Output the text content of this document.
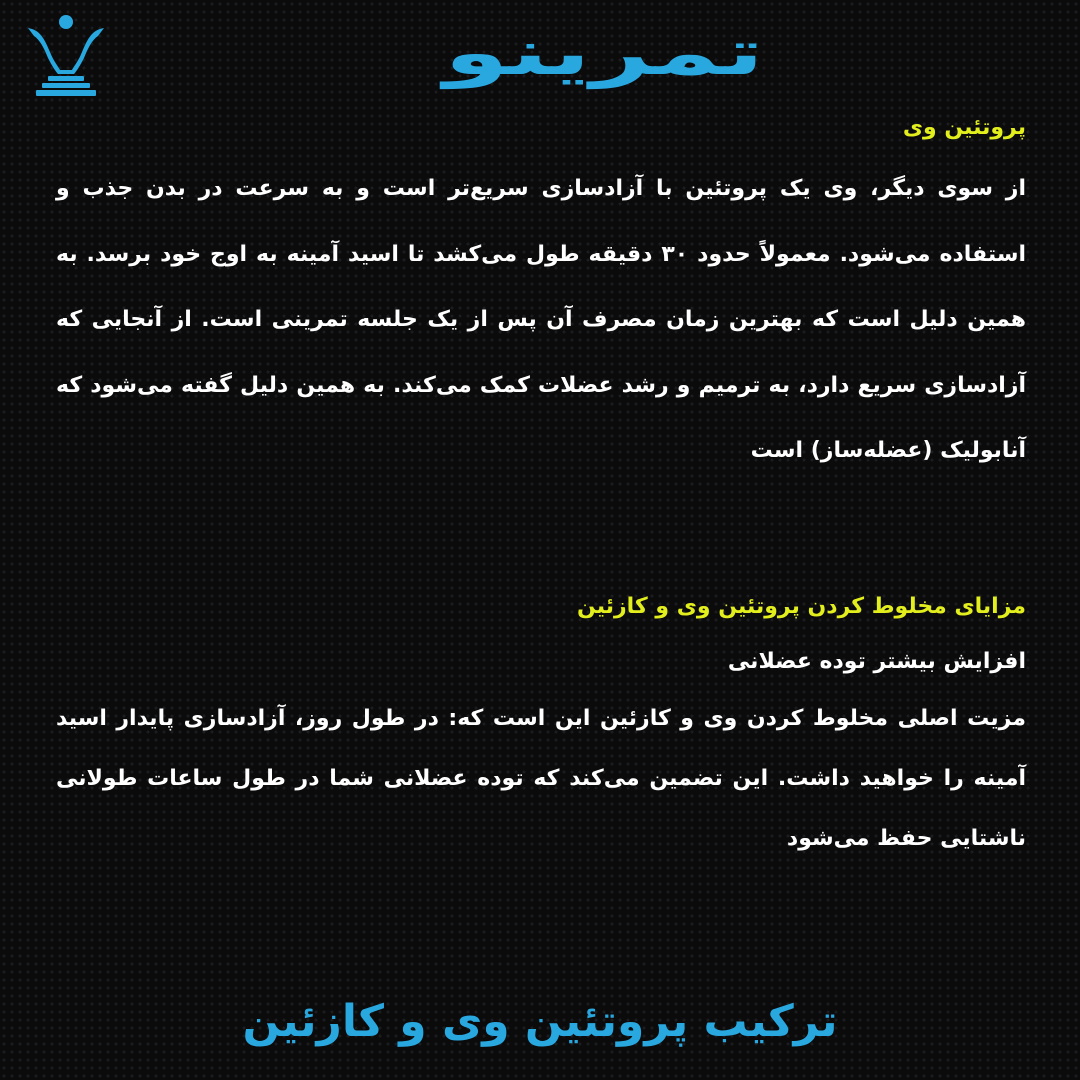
تمرینو
پروتئین وی

از سوی دیگر، وی یک پروتئین با آزادسازی سریع‌تر است و به سرعت در بدن جذب و استفاده می‌شود. معمولاً حدود ۳۰ دقیقه طول می‌کشد تا اسید آمینه به اوج خود برسد. به همین دلیل است که بهترین زمان مصرف آن پس از یک جلسه تمرینی است. از آنجایی که آزادسازی سریع دارد، به ترمیم و رشد عضلات کمک می‌کند. به همین دلیل گفته می‌شود که آنابولیک (عضله‌ساز) است

مزایای مخلوط کردن پروتئین وی و کازئین

افزایش بیشتر توده عضلانی

مزیت اصلی مخلوط کردن وی و کازئین این است که: در طول روز، آزادسازی پایدار اسید آمینه را خواهید داشت. این تضمین می‌کند که توده عضلانی شما در طول ساعات طولانی ناشتایی حفظ می‌شود

ترکیب پروتئین وی و کازئین
